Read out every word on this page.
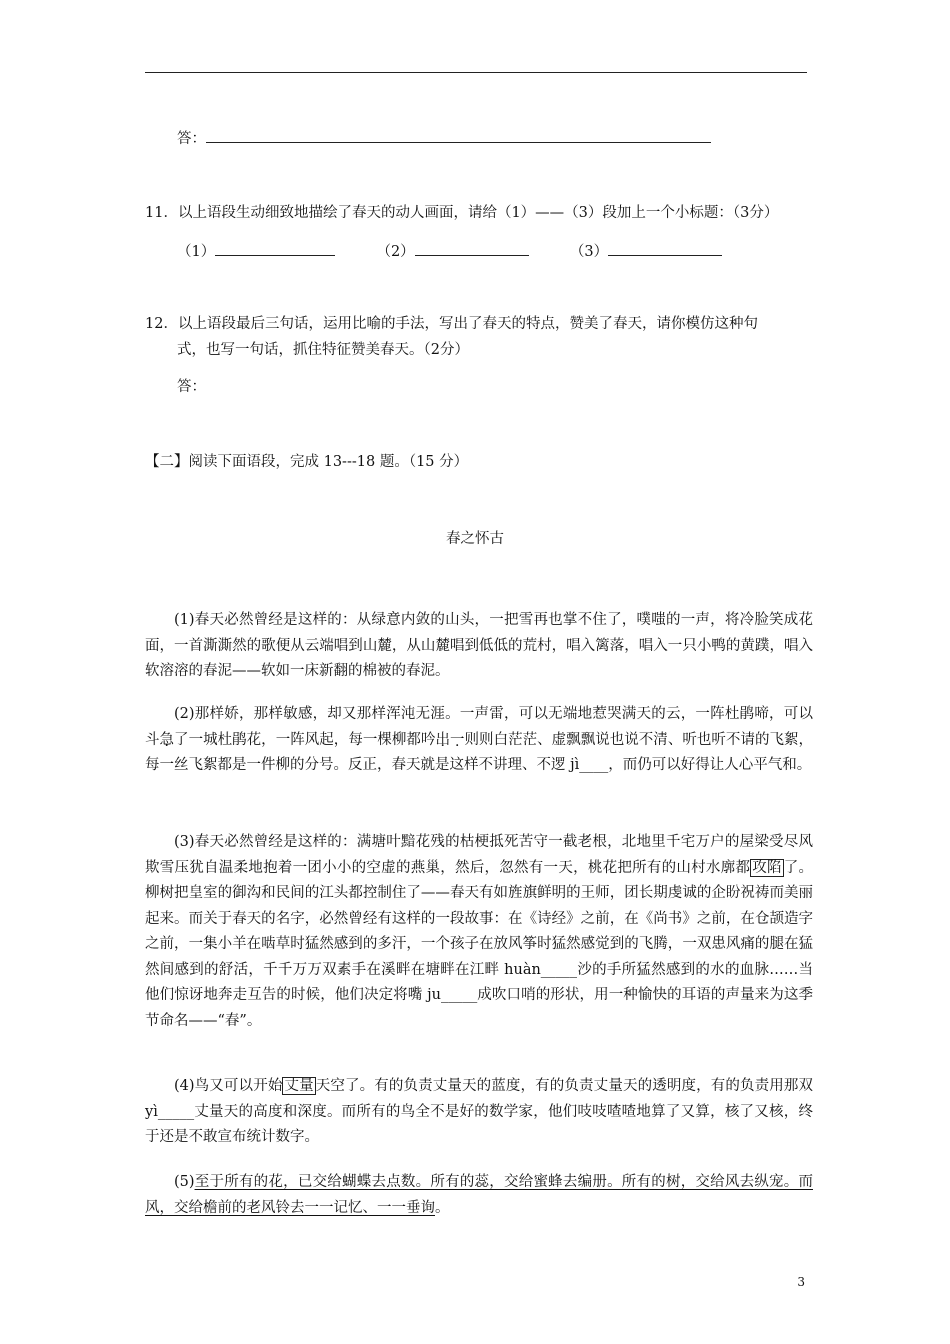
答：
11．以上语段生动细致地描绘了春天的动人画面，请给（1）——（3）段加上一个小标题：（3分）
（1）	（2）	（3）
12．以上语段最后三句话，运用比喻的手法，写出了春天的特点，赞美了春天，请你模仿这种句
式，也写一句话，抓住特征赞美春天。（2分）
答：
【二】阅读下面语段，完成 13---18 题。（15 分）
春之怀古

(1)春天必然曾经是这样的：从绿意内敛的山头，一把雪再也掌不住了，噗嗤的一声，将冷脸笑成花面，一首澌澌然的歌便从云端唱到山麓，从山麓唱到低低的荒村，唱入篱落，唱入一只小鸭的黄蹼，唱入软溶溶的春泥——软如一床新翻的棉被的春泥。

(2)那样娇，那样敏感，却又那样浑沌无涯。一声雷，可以无端地惹哭满天的云，一阵杜鹃啼，可以斗急了一城杜鹃花，一阵风起，每一棵柳都吟出一则则白茫茫、虚飘飘说也说不清、听也听不请的飞絮，每一丝飞絮都是一件柳的分号。反正，春天就是这样不讲理、不逻 jì____，而仍可以好得让人心平气和。

(3)春天必然曾经是这样的：满塘叶黯花残的枯梗抵死苦守一截老根，北地里千宅万户的屋梁受尽风欺雪压犹自温柔地抱着一团小小的空虚的燕巢，然后，忽然有一天，桃花把所有的山村水廓都 攻陷 了。柳树把皇室的御沟和民间的江头都控制住了——春天有如旌旗鲜明的王师，团长期虔诚的企盼祝祷而美丽起来。而关于春天的名字，必然曾经有这样的一段故事：在《诗经》之前，在《尚书》之前，在仓颉造字之前，一集小羊在啮草时猛然感到的多汗，一个孩子在放风筝时猛然感觉到的飞腾，一双患风痛的腿在猛然间感到的舒活，千千万万双素手在溪畔在塘畔在江畔 huàn_____沙的手所猛然感到的水的血脉……当他们惊讶地奔走互告的时候，他们决定将嘴 ju_____成吹口哨的形状，用一种愉快的耳语的声量来为这季节命名——“春”。

(4)鸟又可以开始 丈量 天空了。有的负责丈量天的蓝度，有的负责丈量天的透明度，有的负责用那双 yì_____丈量天的高度和深度。而所有的鸟全不是好的数学家，他们吱吱喳喳地算了又算，核了又核，终于还是不敢宣布统计数字。

(5)至于所有的花，已交给蝴蝶去点数。所有的蕊，交给蜜蜂去编册。所有的树，交给风去纵宠。而风，交给檐前的老风铃去一一记忆、一一垂询。

3
